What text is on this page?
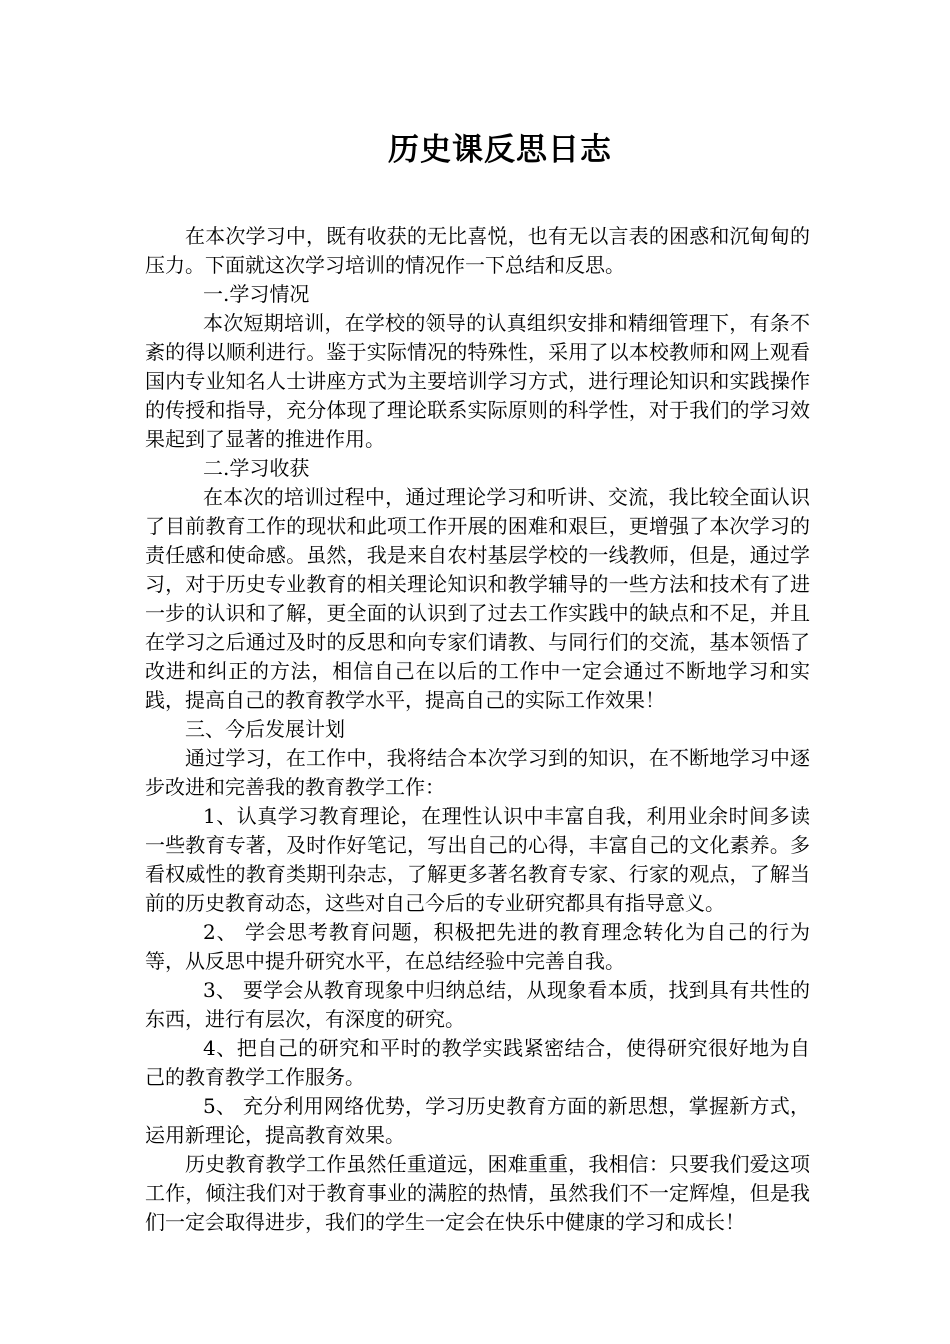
历史课反思日志

在本次学习中，既有收获的无比喜悦，也有无以言表的困惑和沉甸甸的压力。下面就这次学习培训的情况作一下总结和反思。

一.学习情况

本次短期培训，在学校的领导的认真组织安排和精细管理下，有条不紊的得以顺利进行。鉴于实际情况的特殊性，采用了以本校教师和网上观看国内专业知名人士讲座方式为主要培训学习方式，进行理论知识和实践操作的传授和指导，充分体现了理论联系实际原则的科学性，对于我们的学习效果起到了显著的推进作用。

二.学习收获

在本次的培训过程中，通过理论学习和听讲、交流，我比较全面认识了目前教育工作的现状和此项工作开展的困难和艰巨，更增强了本次学习的责任感和使命感。虽然，我是来自农村基层学校的一线教师，但是，通过学习，对于历史专业教育的相关理论知识和教学辅导的一些方法和技术有了进一步的认识和了解，更全面的认识到了过去工作实践中的缺点和不足，并且在学习之后通过及时的反思和向专家们请教、与同行们的交流，基本领悟了改进和纠正的方法，相信自己在以后的工作中一定会通过不断地学习和实践，提高自己的教育教学水平，提高自己的实际工作效果！

三、今后发展计划

通过学习，在工作中，我将结合本次学习到的知识，在不断地学习中逐步改进和完善我的教育教学工作：

1、认真学习教育理论，在理性认识中丰富自我，利用业余时间多读一些教育专著，及时作好笔记，写出自己的心得，丰富自己的文化素养。多看权威性的教育类期刊杂志，了解更多著名教育专家、行家的观点，了解当前的历史教育动态，这些对自己今后的专业研究都具有指导意义。

2、 学会思考教育问题，积极把先进的教育理念转化为自己的行为等，从反思中提升研究水平，在总结经验中完善自我。

3、 要学会从教育现象中归纳总结，从现象看本质，找到具有共性的东西，进行有层次，有深度的研究。

4、把自己的研究和平时的教学实践紧密结合，使得研究很好地为自己的教育教学工作服务。

5、 充分利用网络优势，学习历史教育方面的新思想，掌握新方式，运用新理论，提高教育效果。

历史教育教学工作虽然任重道远，困难重重，我相信：只要我们爱这项工作，倾注我们对于教育事业的满腔的热情，虽然我们不一定辉煌，但是我们一定会取得进步，我们的学生一定会在快乐中健康的学习和成长！
